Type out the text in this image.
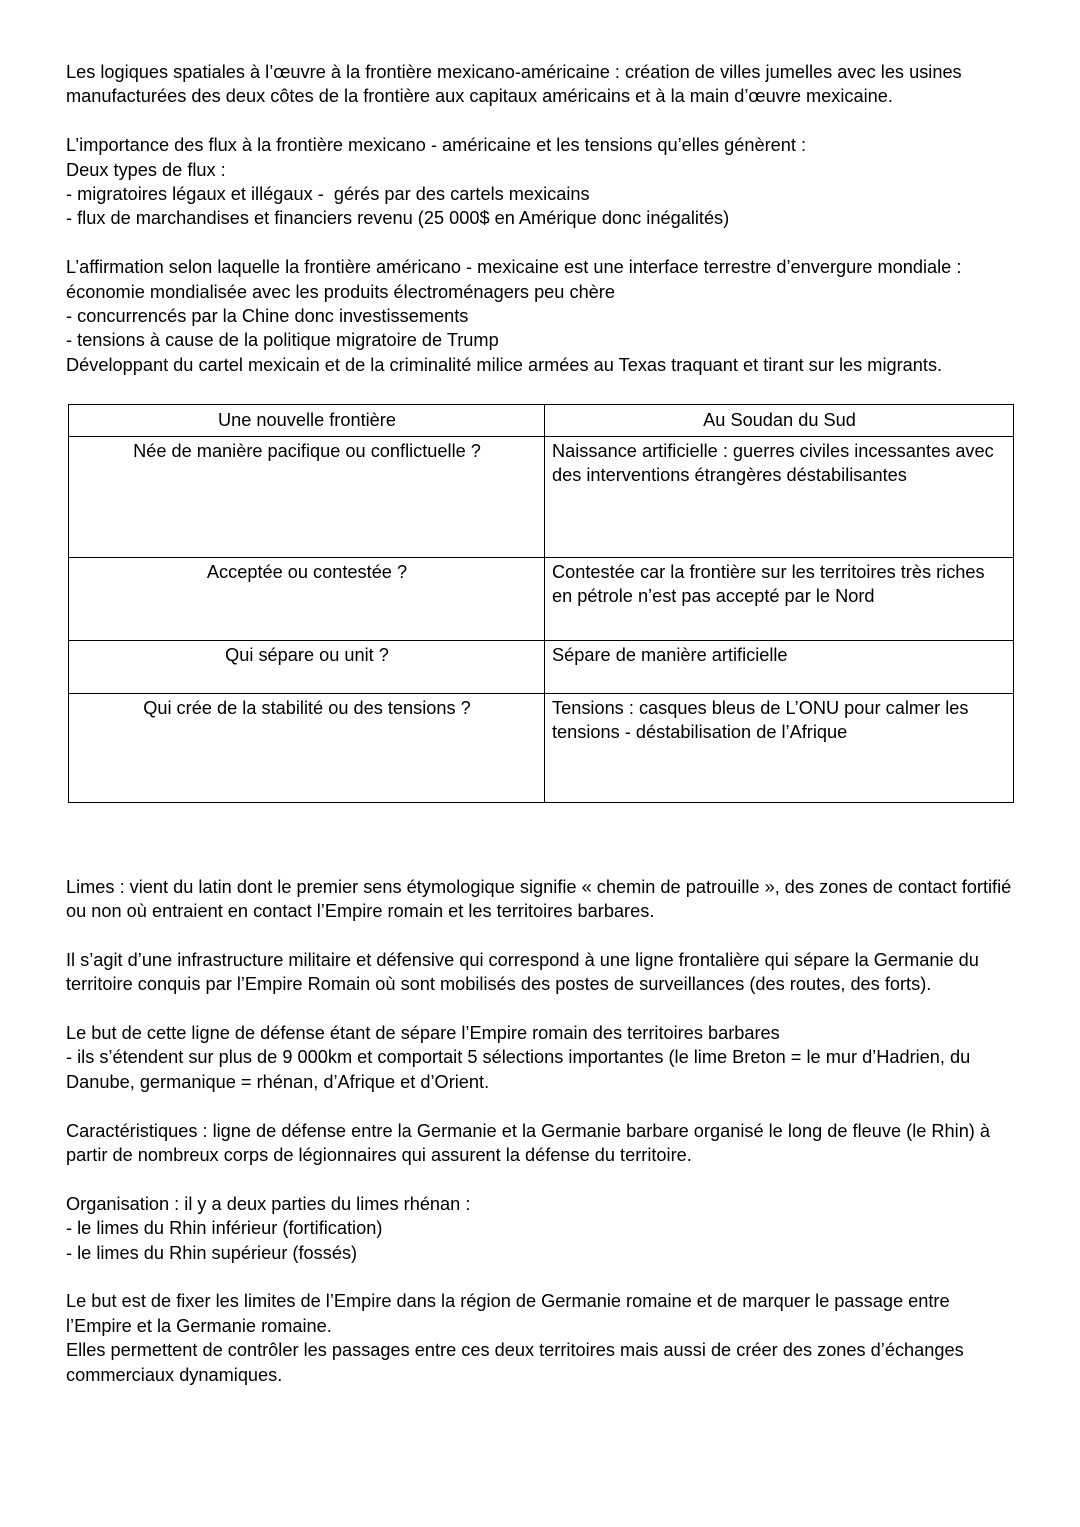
Les logiques spatiales à l’œuvre à la frontière mexicano-américaine : création de villes jumelles avec les usines manufacturées des deux côtes de la frontière aux capitaux américains et à la main d’œuvre mexicaine.

L’importance des flux à la frontière mexicano - américaine et les tensions qu’elles génèrent :

Deux types de flux :

- migratoires légaux et illégaux -  gérés par des cartels mexicains

- flux de marchandises et financiers revenu (25 000$ en Amérique donc inégalités)

L’affirmation selon laquelle la frontière américano - mexicaine est une interface terrestre d’envergure mondiale : économie mondialisée avec les produits électroménagers peu chère

- concurrencés par la Chine donc investissements

- tensions à cause de la politique migratoire de Trump

Développant du cartel mexicain et de la criminalité milice armées au Texas traquant et tirant sur les migrants.

Une nouvelle frontière	Au Soudan du Sud

Née de manière pacifique ou conflictuelle ?	Naissance artificielle : guerres civiles incessantes avec des interventions étrangères déstabilisantes

Acceptée ou contestée ?	Contestée car la frontière sur les territoires très riches en pétrole n’est pas accepté par le Nord

Qui sépare ou unit ?	Sépare de manière artificielle

Qui crée de la stabilité ou des tensions ?	Tensions : casques bleus de L’ONU pour calmer les tensions - déstabilisation de l’Afrique

Limes : vient du latin dont le premier sens étymologique signifie « chemin de patrouille », des zones de contact fortifié ou non où entraient en contact l’Empire romain et les territoires barbares.

Il s’agit d’une infrastructure militaire et défensive qui correspond à une ligne frontalière qui sépare la Germanie du territoire conquis par l’Empire Romain où sont mobilisés des postes de surveillances (des routes, des forts).

Le but de cette ligne de défense étant de sépare l’Empire romain des territoires barbares

- ils s’étendent sur plus de 9 000km et comportait 5 sélections importantes (le lime Breton = le mur d’Hadrien, du Danube, germanique = rhénan, d’Afrique et d’Orient.

Caractéristiques : ligne de défense entre la Germanie et la Germanie barbare organisé le long de fleuve (le Rhin) à partir de nombreux corps de légionnaires qui assurent la défense du territoire.

Organisation : il y a deux parties du limes rhénan :

- le limes du Rhin inférieur (fortification)

- le limes du Rhin supérieur (fossés)

Le but est de fixer les limites de l’Empire dans la région de Germanie romaine et de marquer le passage entre l’Empire et la Germanie romaine.

Elles permettent de contrôler les passages entre ces deux territoires mais aussi de créer des zones d’échanges commerciaux dynamiques.
